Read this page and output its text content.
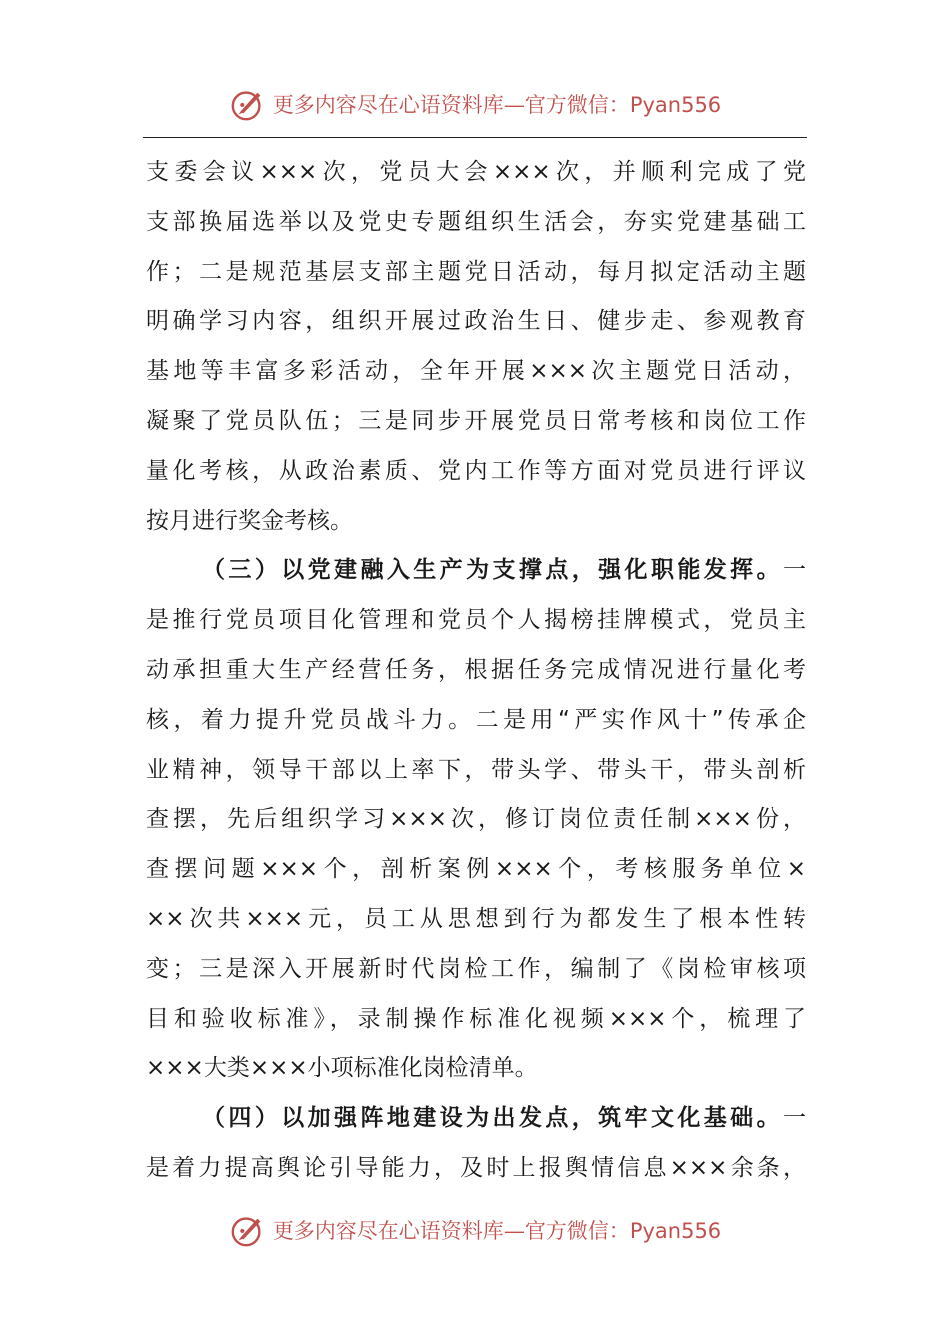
更多内容尽在心语资料库—官方微信：Pyan556
支委会议×××次，党员大会×××次，并顺利完成了党
支部换届选举以及党史专题组织生活会，夯实党建基础工
作；二是规范基层支部主题党日活动，每月拟定活动主题
明确学习内容，组织开展过政治生日、健步走、参观教育
基地等丰富多彩活动，全年开展×××次主题党日活动，
凝聚了党员队伍；三是同步开展党员日常考核和岗位工作
量化考核，从政治素质、党内工作等方面对党员进行评议
按月进行奖金考核。
（三）以党建融入生产为支撑点，强化职能发挥。一
是推行党员项目化管理和党员个人揭榜挂牌模式，党员主
动承担重大生产经营任务，根据任务完成情况进行量化考
核，着力提升党员战斗力。二是用“严实作风十”传承企
业精神，领导干部以上率下，带头学、带头干，带头剖析
查摆，先后组织学习×××次，修订岗位责任制×××份，
查摆问题×××个，剖析案例×××个，考核服务单位×
××次共×××元，员工从思想到行为都发生了根本性转
变；三是深入开展新时代岗检工作，编制了《岗检审核项
目和验收标准》，录制操作标准化视频×××个，梳理了
×××大类×××小项标准化岗检清单。
（四）以加强阵地建设为出发点，筑牢文化基础。一
是着力提高舆论引导能力，及时上报舆情信息×××余条，
更多内容尽在心语资料库—官方微信：Pyan556
